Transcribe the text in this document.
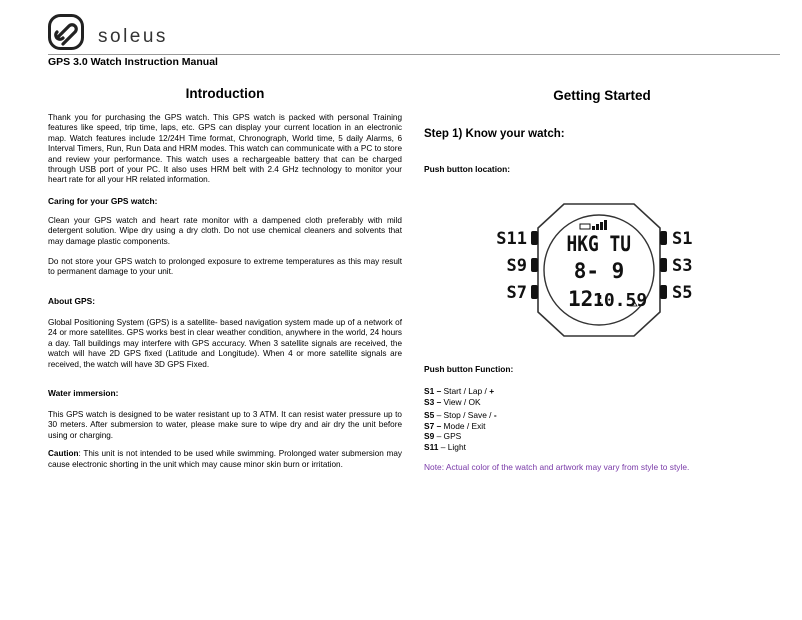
soleus
GPS 3.0 Watch Instruction Manual
Introduction

Thank you for purchasing the GPS watch. This GPS watch is packed with personal Training features like speed, trip time, laps, etc. GPS can display your current location in an electronic map. Watch features include 12/24H Time format, Chronograph, World time, 5 daily Alarms, 6 Interval Timers, Run, Run Data and HRM modes. This watch can communicate with a PC to store and review your performance. This watch uses a rechargeable battery that can be charged through USB port of your PC. It also uses HRM belt with 2.4 GHz technology to monitor your heart rate for all your HR related information.

Caring for your GPS watch:

Clean your GPS watch and heart rate monitor with a dampened cloth preferably with mild detergent solution. Wipe dry using a dry cloth. Do not use chemical cleaners and solvents that may damage plastic components.

Do not store your GPS watch to prolonged exposure to extreme temperatures as this may result to permanent damage to your unit.

About GPS:

Global Positioning System (GPS) is a satellite- based navigation system made up of a network of 24 or more satellites. GPS works best in clear weather condition, anywhere in the world, 24 hours a day. Tall buildings may interfere with GPS accuracy. When 3 satellite signals are received, the watch will have 2D GPS fixed (Latitude and Longitude). When 4 or more satellite signals are received, the watch will have 3D GPS Fixed.

Water immersion:

This GPS watch is designed to be water resistant up to 3 ATM. It can resist water pressure up to 30 meters. After submersion to water, please make sure to wipe dry and air dry the unit before using or charging.

Caution: This unit is not intended to be used while swimming. Prolonged water submersion may cause electronic shorting in the unit which may cause minor skin burn or irritation.

Getting Started
Step 1) Know your watch:
Push button location:
HKG TU
8- 9
12:
10.59
S11
S9
S7
S1
S3
S5
Push button Function:
S1 – Start / Lap / +
S3 – View / OK
S5 – Stop / Save / -
S7 – Mode / Exit
S9 – GPS
S11 – Light
Note: Actual color of the watch and artwork may vary from style to style.
